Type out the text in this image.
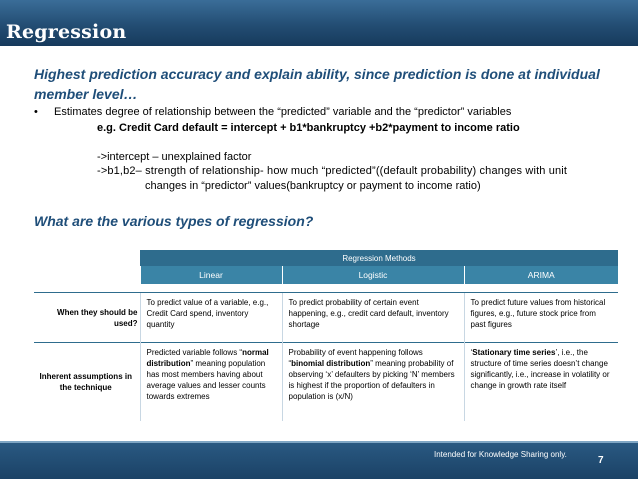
Regression
Highest prediction accuracy and explain ability, since prediction is done at individual member level…
• Estimates degree of relationship between the “predicted” variable and the “predictor” variables
e.g. Credit Card default = intercept + b1*bankruptcy +b2*payment to income ratio
->intercept – unexplained factor
->b1,b2– strength of relationship- how much “predicted”((default probability) changes with unit
changes in “predictor” values(bankruptcy or payment to income ratio)
What are the various types of regression?
	Regression Methods		
	Linear	Logistic	ARIMA

When they should be used?	To predict value of a variable, e.g., Credit Card spend, inventory quantity	To predict probability of certain event happening, e.g., credit card default, inventory shortage	To predict future values from historical figures, e.g., future stock price from past figures
Inherent assumptions in the technique	Predicted variable follows “normal distribution” meaning population has most members having about average values and lesser counts towards extremes	Probability of event happening follows “binomial distribution” meaning probability of observing ‘x’ defaulters by picking ‘N’ members is highest if the proportion of defaulters in population is (x/N)	‘Stationary time series’, i.e., the structure of time series doesn’t change significantly, i.e., increase in volatility or change in growth rate itself
Intended for Knowledge Sharing only.
7
